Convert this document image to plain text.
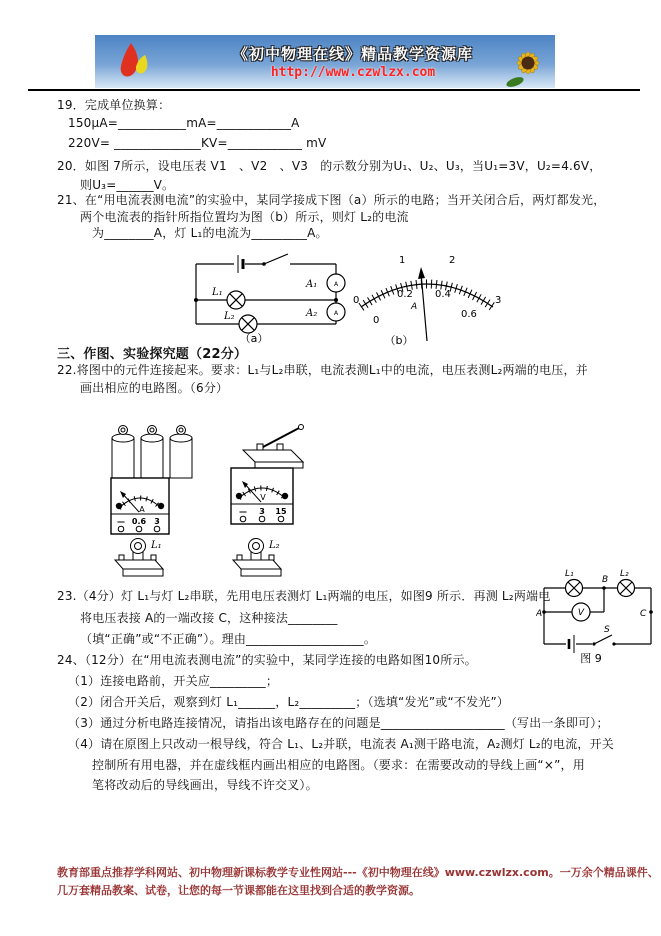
《初中物理在线》精品教学资源库
http://www.czwlzx.com
19．完成单位换算：
150μA=___________mA=____________A
220V= ______________KV=____________ mV
20．如图 7所示，设电压表 V1　、V2　、V3　的示数分别为U₁、U₂、U₃，当U₁=3V，U₂=4.6V，
则U₃=______V。
21、在“用电流表测电流”的实验中，某同学接成下图（a）所示的电路；当开关闭合后，两灯都发光，
两个电流表的指针所指位置均为图（b）所示，则灯 L₂的电流
为________A，灯 L₁的电流为_________A。
L₁
L₂
A₁
A₂
A
A
（a）
0
1	2
3
0
0.2 0.4
0.6
A
（b）
三、作图、实验探究题（22分）
22.将图中的元件连接起来。要求：L₁与L₂串联，电流表测L₁中的电流，电压表测L₂两端的电压，并
画出相应的电路图。（6分）
A
— 0.6 3
V
— 3 15
L₁	L₂
23.（4分）灯 L₁与灯 L₂串联，先用电压表测灯 L₁两端的电压，如图9 所示．再测 L₂两端电
将电压表接 A的一端改接 C，这种接法________
（填“正确”或“不正确”）。理由___________________。
L₁
B
L₂
A	V	C
S
图 9
24、（12分）在“用电流表测电流”的实验中，某同学连接的电路如图10所示。
（1）连接电路前，开关应_________；
（2）闭合开关后，观察到灯 L₁______，L₂_________；（选填“发光”或“不发光”）
（3）通过分析电路连接情况，请指出该电路存在的问题是____________________（写出一条即可）；
（4）请在原图上只改动一根导线，符合 L₁、L₂并联，电流表 A₁测干路电流，A₂测灯 L₂的电流，开关
控制所有用电器，并在虚线框内画出相应的电路图。（要求：在需要改动的导线上画“×”，用
笔将改动后的导线画出，导线不许交叉）。
教育部重点推荐学科网站、初中物理新课标教学专业性网站---《初中物理在线》www.czwlzx.com。一万余个精品课件、
几万套精品教案、试卷，让您的每一节课都能在这里找到合适的教学资源。
